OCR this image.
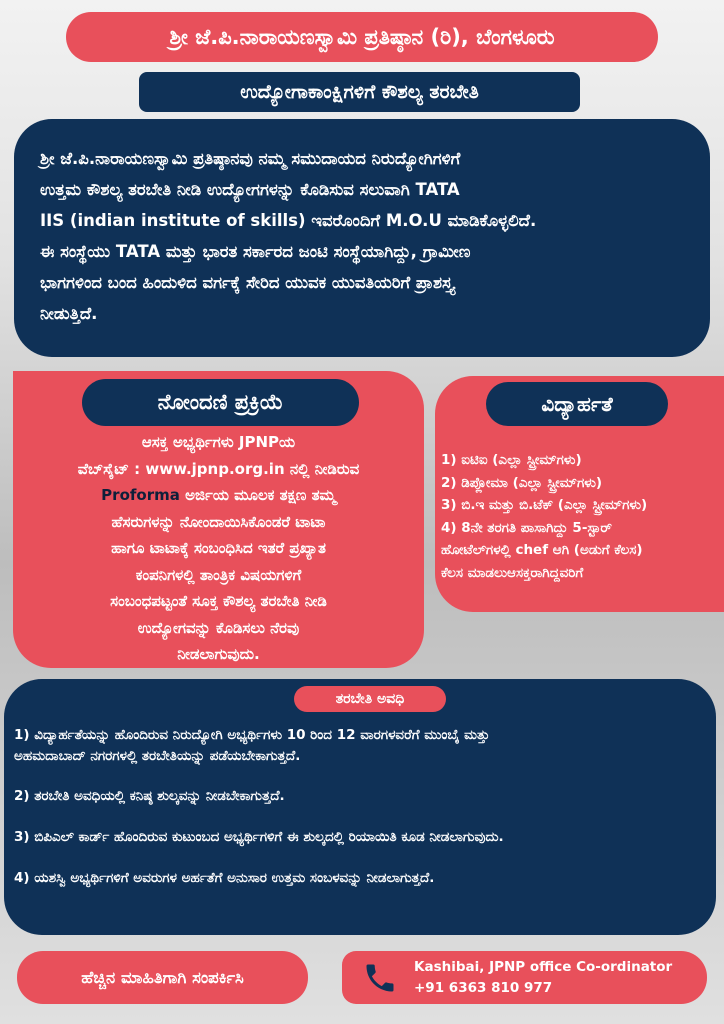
ಶ್ರೀ ಜೆ.ಪಿ.ನಾರಾಯಣಸ್ವಾಮಿ ಪ್ರತಿಷ್ಠಾನ (ರಿ), ಬೆಂಗಳೂರು
ಉದ್ಯೋಗಾಕಾಂಕ್ಷಿಗಳಿಗೆ ಕೌಶಲ್ಯ ತರಬೇತಿ

ಶ್ರೀ ಜೆ.ಪಿ.ನಾರಾಯಣಸ್ವಾಮಿ ಪ್ರತಿಷ್ಠಾನವು ನಮ್ಮ ಸಮುದಾಯದ ನಿರುದ್ಯೋಗಿಗಳಿಗೆ

ಉತ್ತಮ ಕೌಶಲ್ಯ ತರಬೇತಿ ನೀಡಿ ಉದ್ಯೋಗಗಳನ್ನು ಕೊಡಿಸುವ ಸಲುವಾಗಿ TATA

IIS (indian institute of skills) ಇವರೊಂದಿಗೆ M.O.U ಮಾಡಿಕೊಳ್ಳಲಿದೆ.

ಈ ಸಂಸ್ಥೆಯು TATA ಮತ್ತು ಭಾರತ ಸರ್ಕಾರದ ಜಂಟಿ ಸಂಸ್ಥೆಯಾಗಿದ್ದು, ಗ್ರಾಮೀಣ

ಭಾಗಗಳಿಂದ ಬಂದ ಹಿಂದುಳಿದ ವರ್ಗಕ್ಕೆ ಸೇರಿದ ಯುವಕ ಯುವತಿಯರಿಗೆ ಪ್ರಾಶಸ್ತ್ಯ

ನೀಡುತ್ತಿದೆ.

ಆಸಕ್ತ ಅಭ್ಯರ್ಥಿಗಳು JPNPಯ
ವೆಬ್‌ಸೈಟ್ : www.jpnp.org.in ನಲ್ಲಿ ನೀಡಿರುವ
Proforma ಅರ್ಜಿಯ ಮೂಲಕ ತಕ್ಷಣ ತಮ್ಮ
ಹೆಸರುಗಳನ್ನು ನೋಂದಾಯಿಸಿಕೊಂಡರೆ ಟಾಟಾ
ಹಾಗೂ ಟಾಟಾಕ್ಕೆ ಸಂಬಂಧಿಸಿದ ಇತರೆ ಪ್ರಖ್ಯಾತ
ಕಂಪನಿಗಳಲ್ಲಿ ತಾಂತ್ರಿಕ ವಿಷಯಗಳಿಗೆ
ಸಂಬಂಧಪಟ್ಟಂತೆ ಸೂಕ್ತ ಕೌಶಲ್ಯ ತರಬೇತಿ ನೀಡಿ
ಉದ್ಯೋಗವನ್ನು ಕೊಡಿಸಲು ನೆರವು
ನೀಡಲಾಗುವುದು.
ನೋಂದಣಿ ಪ್ರಕ್ರಿಯೆ
1) ಐಟಿಐ (ಎಲ್ಲಾ ಸ್ಟ್ರೀಮ್‌ಗಳು)
2) ಡಿಪ್ಲೋಮಾ (ಎಲ್ಲಾ ಸ್ಟ್ರೀಮ್‌ಗಳು)
3) ಬಿ.ಇ ಮತ್ತು ಬಿ.ಟೆಕ್ (ಎಲ್ಲಾ ಸ್ಟ್ರೀಮ್‌ಗಳು)
4) 8ನೇ ತರಗತಿ ಪಾಸಾಗಿದ್ದು 5-ಸ್ಟಾರ್
ಹೋಟೆಲ್‌ಗಳಲ್ಲಿ chef ಆಗಿ (ಅಡುಗೆ ಕೆಲಸ)
ಕೆಲಸ ಮಾಡಲುಆಸಕ್ತರಾಗಿದ್ದವರಿಗೆ
ವಿದ್ಯಾರ್ಹತೆ
1) ವಿದ್ಯಾರ್ಹತೆಯನ್ನು ಹೊಂದಿರುವ ನಿರುದ್ಯೋಗಿ ಅಭ್ಯರ್ಥಿಗಳು 10 ರಿಂದ 12 ವಾರಗಳವರೆಗೆ ಮುಂಬೈ ಮತ್ತು
ಅಹಮದಾಬಾದ್ ನಗರಗಳಲ್ಲಿ ತರಬೇತಿಯನ್ನು ಪಡೆಯಬೇಕಾಗುತ್ತದೆ.
2) ತರಬೇತಿ ಅವಧಿಯಲ್ಲಿ ಕನಿಷ್ಠ ಶುಲ್ಕವನ್ನು ನೀಡಬೇಕಾಗುತ್ತದೆ.
3) ಬಿಪಿಎಲ್ ಕಾರ್ಡ್ ಹೊಂದಿರುವ ಕುಟುಂಬದ ಅಭ್ಯರ್ಥಿಗಳಿಗೆ ಈ ಶುಲ್ಕದಲ್ಲಿ ರಿಯಾಯಿತಿ ಕೂಡ ನೀಡಲಾಗುವುದು.
4) ಯಶಸ್ವಿ ಅಭ್ಯರ್ಥಿಗಳಿಗೆ ಅವರುಗಳ ಅರ್ಹತೆಗೆ ಅನುಸಾರ ಉತ್ತಮ ಸಂಬಳವನ್ನು ನೀಡಲಾಗುತ್ತದೆ.
ತರಬೇತಿ ಅವಧಿ
ಹೆಚ್ಚಿನ ಮಾಹಿತಿಗಾಗಿ ಸಂಪರ್ಕಿಸಿ
Kashibai, JPNP office Co-ordinator
+91 6363 810 977
